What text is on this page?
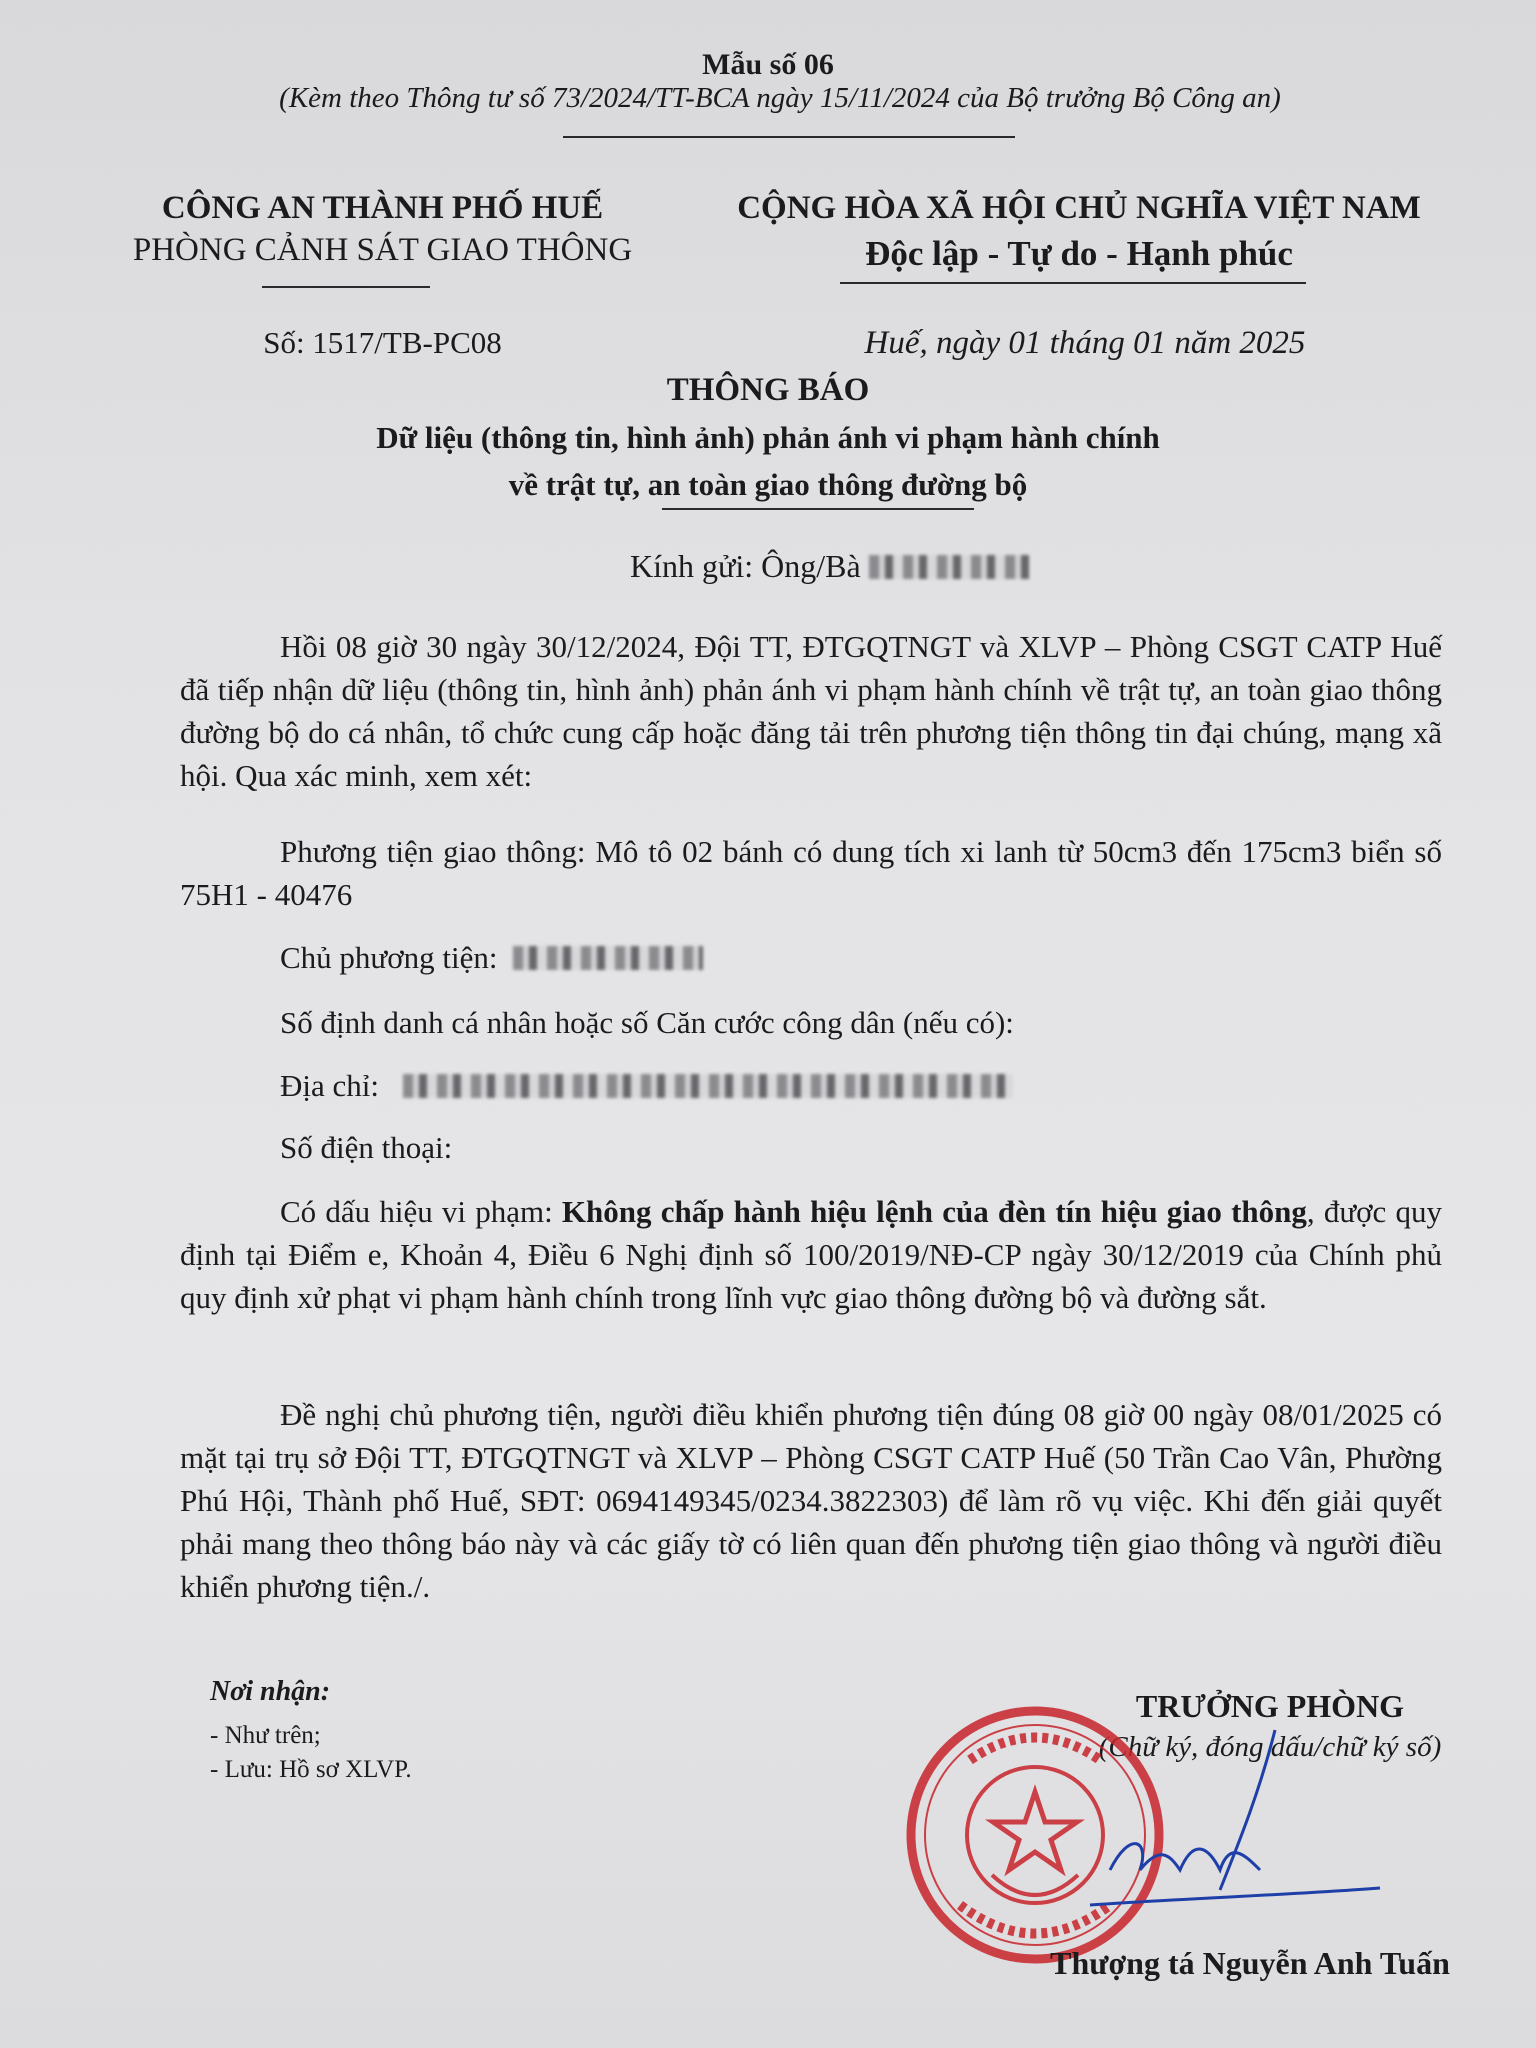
Mẫu số 06
(Kèm theo Thông tư số 73/2024/TT-BCA ngày 15/11/2024 của Bộ trưởng Bộ Công an)
CÔNG AN THÀNH PHỐ HUẾ
PHÒNG CẢNH SÁT GIAO THÔNG
Số: 1517/TB-PC08
CỘNG HÒA XÃ HỘI CHỦ NGHĨA VIỆT NAM
Độc lập - Tự do - Hạnh phúc
Huế, ngày 01 tháng 01 năm 2025
THÔNG BÁO
Dữ liệu (thông tin, hình ảnh) phản ánh vi phạm hành chính
về trật tự, an toàn giao thông đường bộ
Kính gửi: Ông/Bà

Hồi 08 giờ 30 ngày 30/12/2024, Đội TT, ĐTGQTNGT và XLVP – Phòng CSGT CATP Huế đã tiếp nhận dữ liệu (thông tin, hình ảnh) phản ánh vi phạm hành chính về trật tự, an toàn giao thông đường bộ do cá nhân, tổ chức cung cấp hoặc đăng tải trên phương tiện thông tin đại chúng, mạng xã hội. Qua xác minh, xem xét:

Phương tiện giao thông: Mô tô 02 bánh có dung tích xi lanh từ 50cm3 đến 175cm3 biển số 75H1 - 40476

Chủ phương tiện:
Số định danh cá nhân hoặc số Căn cước công dân (nếu có):
Địa chỉ:
Số điện thoại:

Có dấu hiệu vi phạm: Không chấp hành hiệu lệnh của đèn tín hiệu giao thông, được quy định tại Điểm e, Khoản 4, Điều 6 Nghị định số 100/2019/NĐ-CP ngày 30/12/2019 của Chính phủ quy định xử phạt vi phạm hành chính trong lĩnh vực giao thông đường bộ và đường sắt.

Đề nghị chủ phương tiện, người điều khiển phương tiện đúng 08 giờ 00 ngày 08/01/2025 có mặt tại trụ sở Đội TT, ĐTGQTNGT và XLVP – Phòng CSGT CATP Huế (50 Trần Cao Vân, Phường Phú Hội, Thành phố Huế, SĐT: 0694149345/0234.3822303) để làm rõ vụ việc. Khi đến giải quyết phải mang theo thông báo này và các giấy tờ có liên quan đến phương tiện giao thông và người điều khiển phương tiện./.

Nơi nhận:
- Như trên;
- Lưu: Hồ sơ XLVP.
TRƯỞNG PHÒNG
(Chữ ký, đóng dấu/chữ ký số)
Thượng tá Nguyễn Anh Tuấn
